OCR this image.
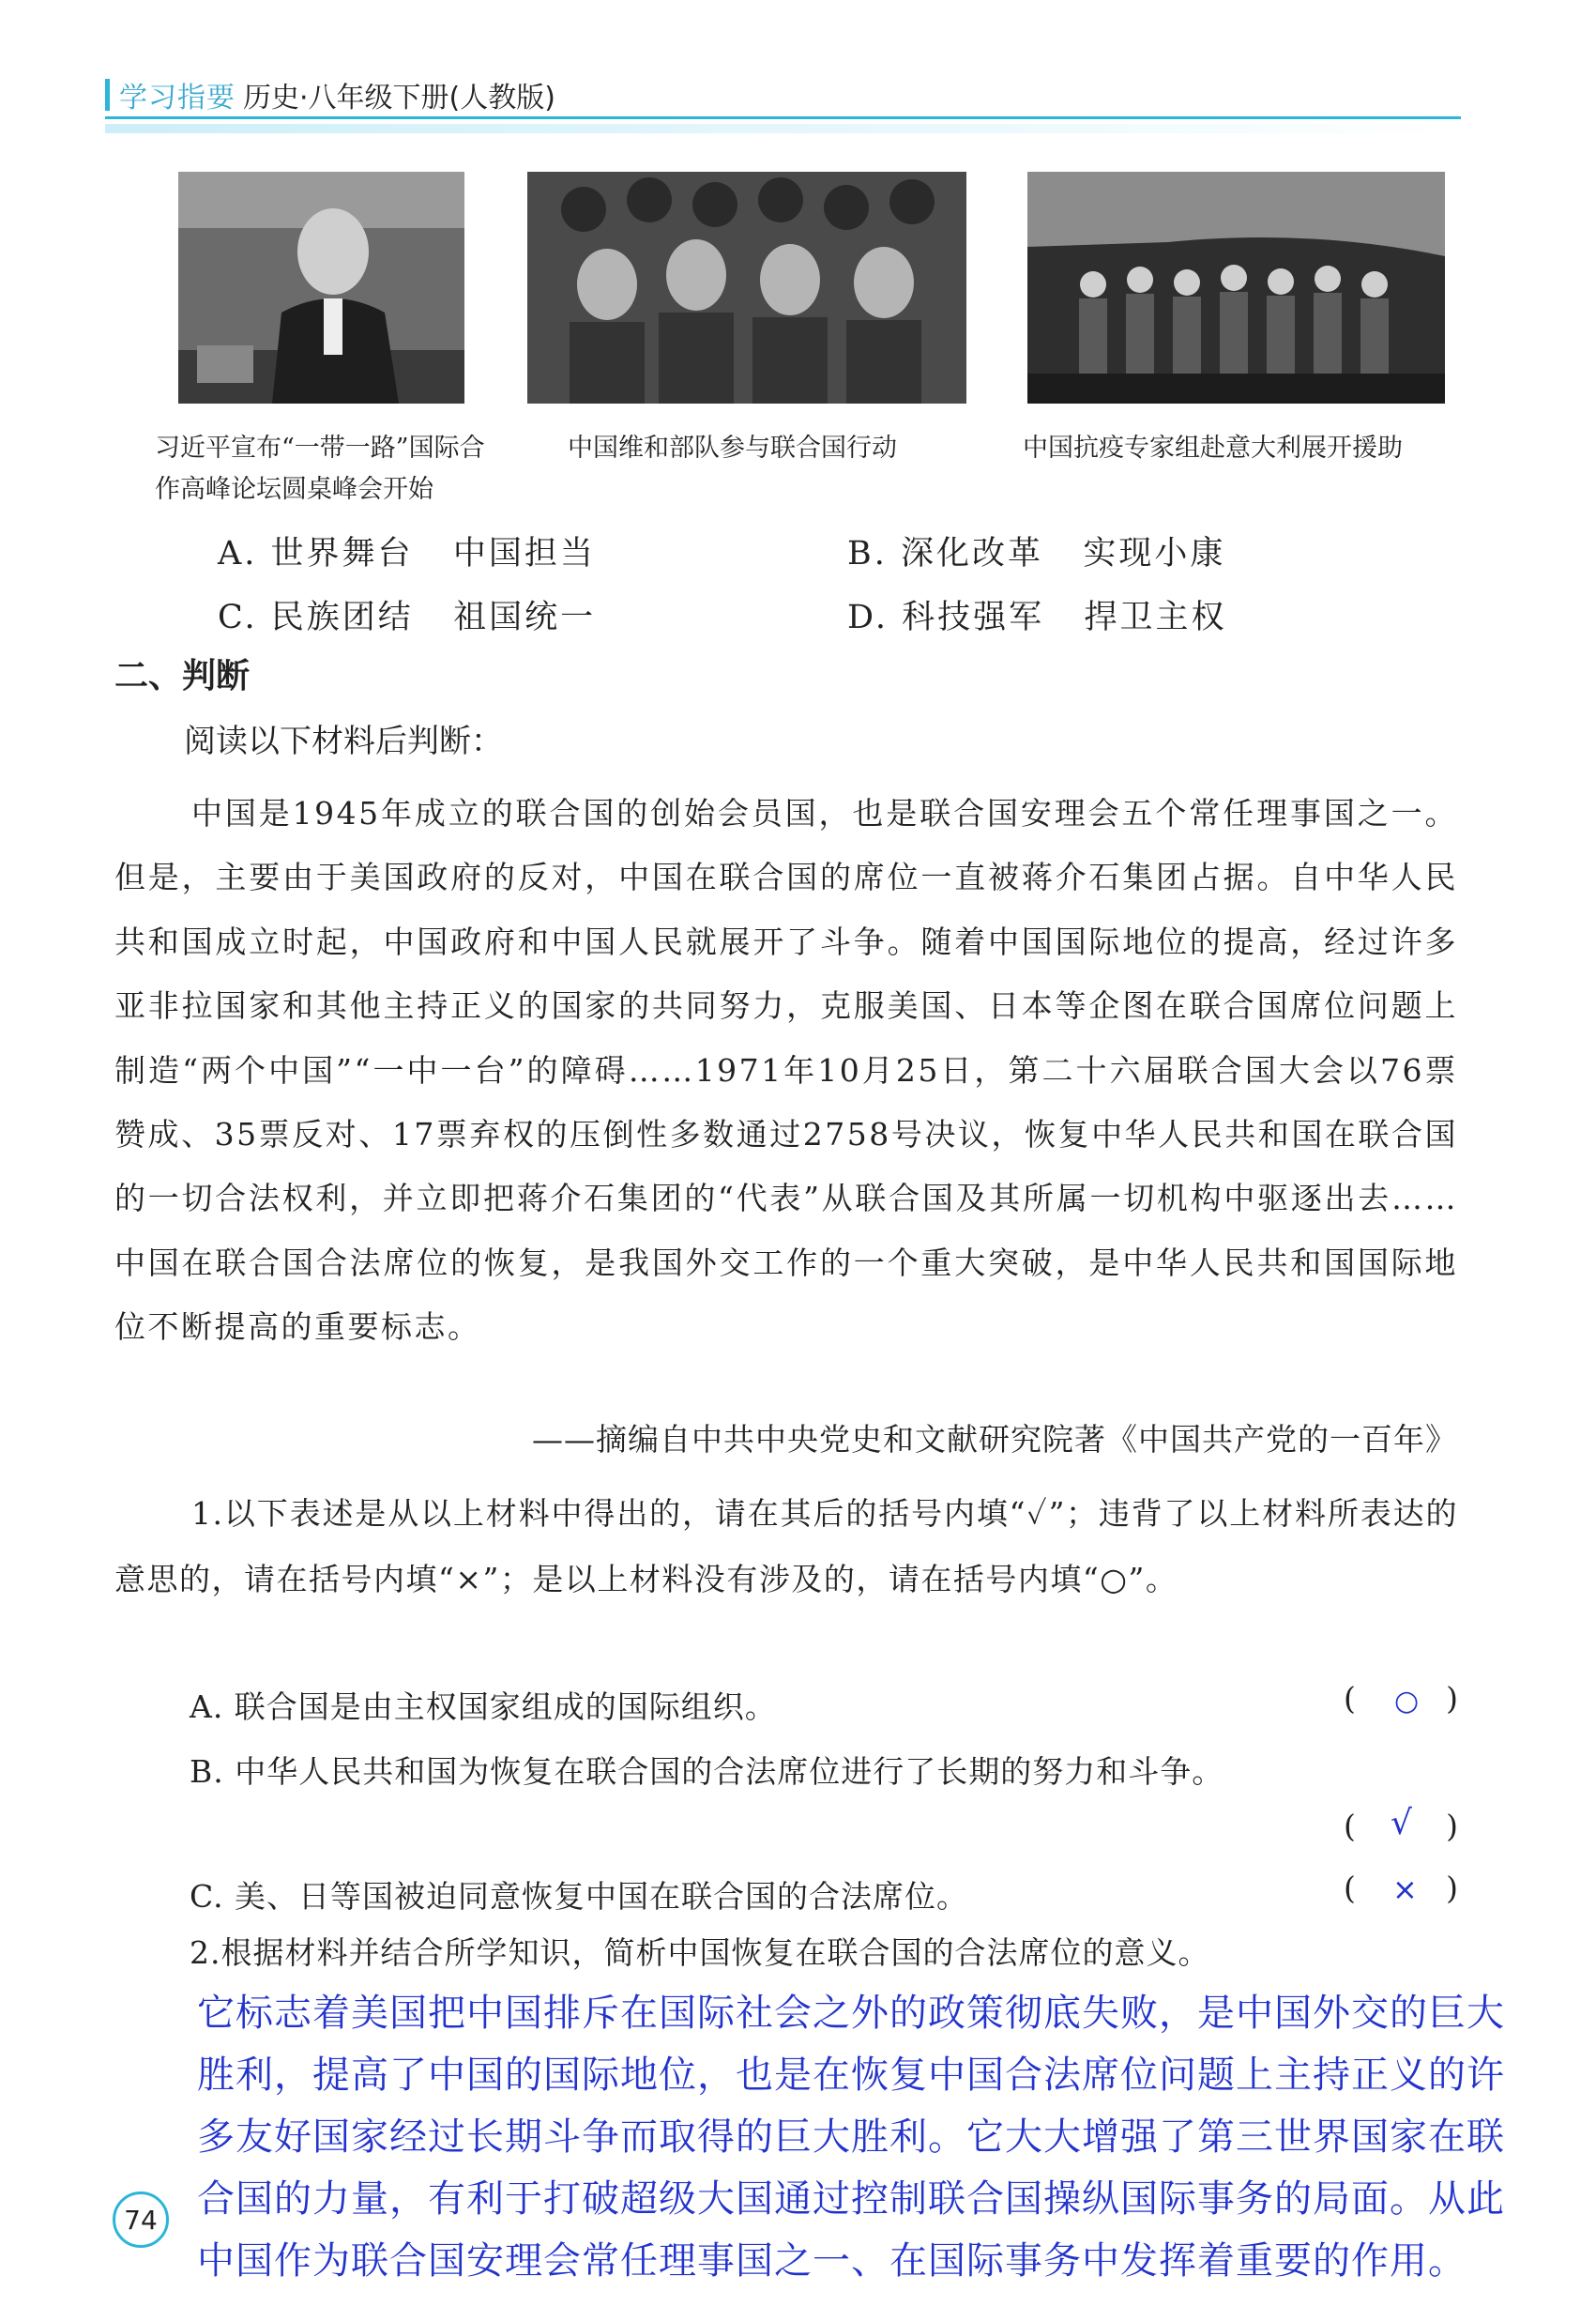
学习指要 历史·八年级下册(人教版)
习近平宣布“一带一路”国际合作高峰论坛圆桌峰会开始
中国维和部队参与联合国行动	中国抗疫专家组赴意大利展开援助
A. 世界舞台   中国担当	B. 深化改革   实现小康
C. 民族团结   祖国统一	D. 科技强军   捍卫主权
二、判断
阅读以下材料后判断：

中国是1945年成立的联合国的创始会员国，也是联合国安理会五个常任理事国之一。但是，主要由于美国政府的反对，中国在联合国的席位一直被蒋介石集团占据。自中华人民共和国成立时起，中国政府和中国人民就展开了斗争。随着中国国际地位的提高，经过许多亚非拉国家和其他主持正义的国家的共同努力，克服美国、日本等企图在联合国席位问题上制造“两个中国”“一中一台”的障碍……1971年10月25日，第二十六届联合国大会以76票赞成、35票反对、17票弃权的压倒性多数通过2758号决议，恢复中华人民共和国在联合国的一切合法权利，并立即把蒋介石集团的“代表”从联合国及其所属一切机构中驱逐出去……中国在联合国合法席位的恢复，是我国外交工作的一个重大突破，是中华人民共和国国际地位不断提高的重要标志。

——摘编自中共中央党史和文献研究院著《中国共产党的一百年》

1.以下表述是从以上材料中得出的，请在其后的括号内填“✓”；违背了以上材料所表达的意思的，请在括号内填“×”；是以上材料没有涉及的，请在括号内填“○”。

A. 联合国是由主权国家组成的国际组织。	(	)
○
B. 中华人民共和国为恢复在联合国的合法席位进行了长期的努力和斗争。
(	)
√
C. 美、日等国被迫同意恢复中国在联合国的合法席位。	(	)
×
2.根据材料并结合所学知识，简析中国恢复在联合国的合法席位的意义。

它标志着美国把中国排斥在国际社会之外的政策彻底失败，是中国外交的巨大胜利，提高了中国的国际地位，也是在恢复中国合法席位问题上主持正义的许多友好国家经过长期斗争而取得的巨大胜利。它大大增强了第三世界国家在联合国的力量，有利于打破超级大国通过控制联合国操纵国际事务的局面。从此中国作为联合国安理会常任理事国之一、在国际事务中发挥着重要的作用。

74
